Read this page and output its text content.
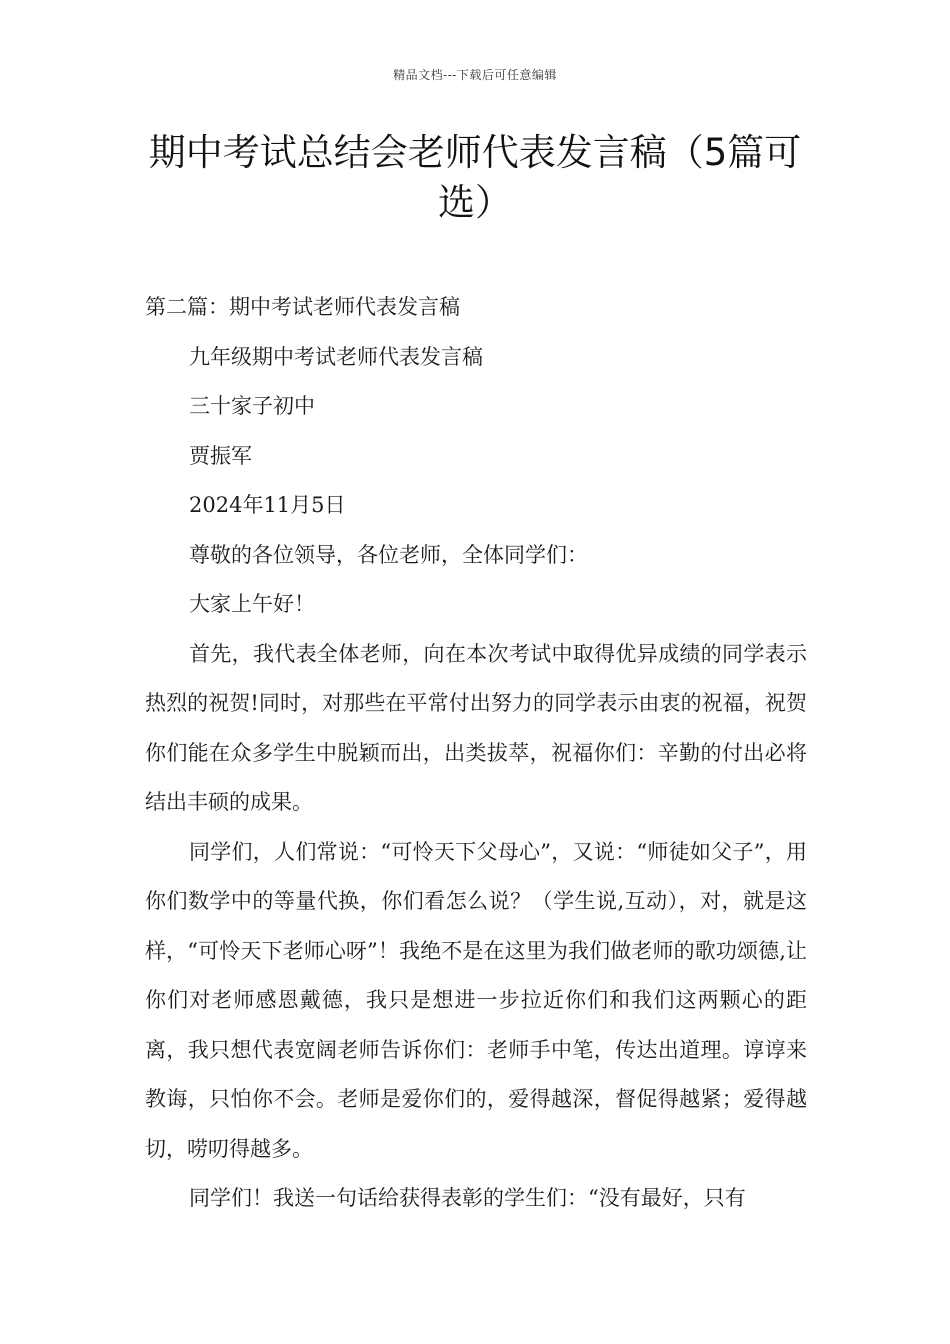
精品文档---下载后可任意编辑
期中考试总结会老师代表发言稿（5篇可选）

第二篇：期中考试老师代表发言稿

九年级期中考试老师代表发言稿

三十家子初中

贾振军

2024年11月5日

尊敬的各位领导，各位老师，全体同学们：

大家上午好！

首先，我代表全体老师，向在本次考试中取得优异成绩的同学表示热烈的祝贺!同时，对那些在平常付出努力的同学表示由衷的祝福，祝贺你们能在众多学生中脱颖而出，出类拔萃，祝福你们：辛勤的付出必将结出丰硕的成果。

同学们，人们常说：“可怜天下父母心”，又说：“师徒如父子”，用你们数学中的等量代换，你们看怎么说？（学生说,互动），对，就是这样，“可怜天下老师心呀”！我绝不是在这里为我们做老师的歌功颂德,让你们对老师感恩戴德，我只是想进一步拉近你们和我们这两颗心的距离，我只想代表宽阔老师告诉你们：老师手中笔，传达出道理。谆谆来教诲，只怕你不会。老师是爱你们的，爱得越深，督促得越紧；爱得越切，唠叨得越多。

同学们！我送一句话给获得表彰的学生们：“没有最好，只有
